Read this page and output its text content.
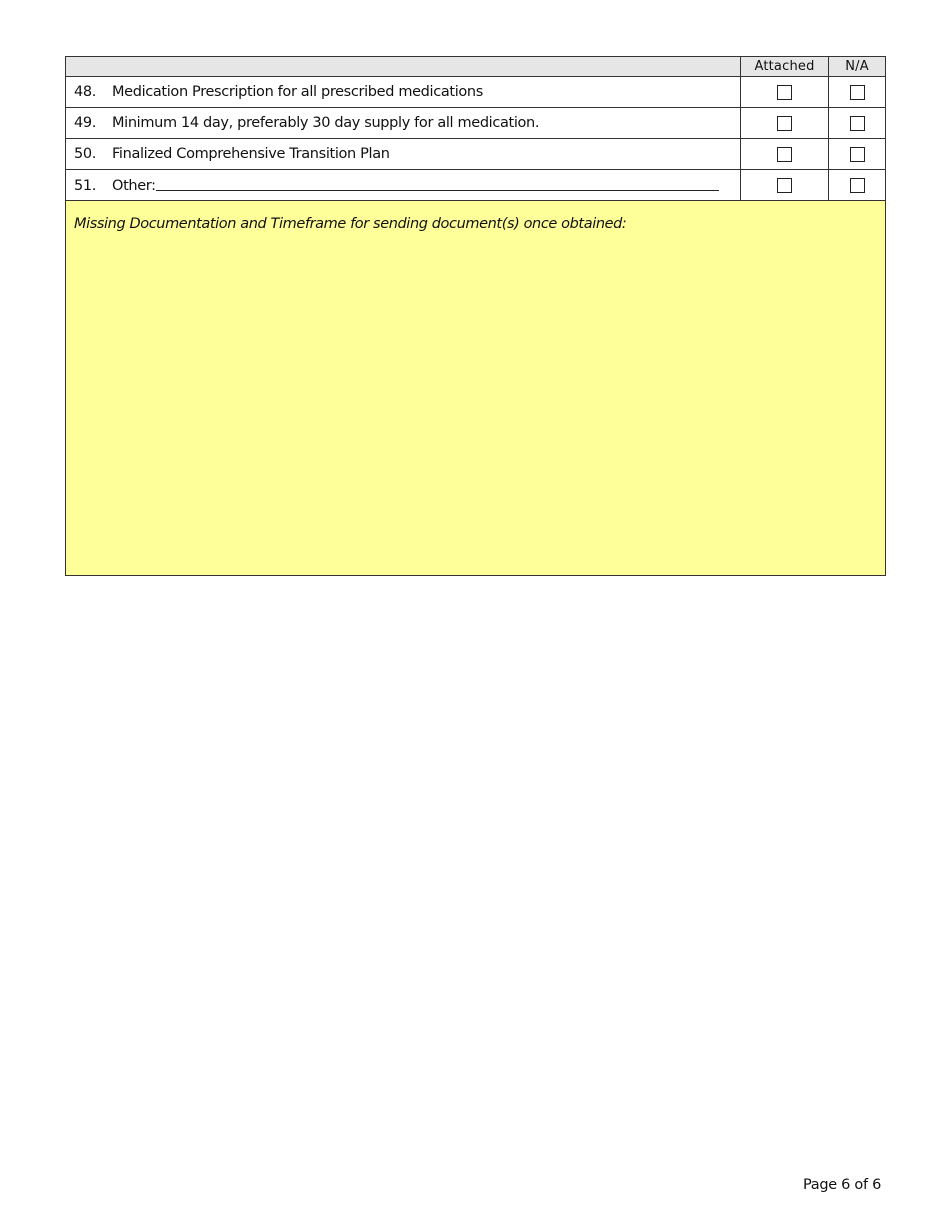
	Attached	N/A
48. Medication Prescription for all prescribed medications		
49. Minimum 14 day, preferably 30 day supply for all medication.		
50. Finalized Comprehensive Transition Plan		
51. Other:		

Missing Documentation and Timeframe for sending document(s) once obtained:		
Page 6 of 6
